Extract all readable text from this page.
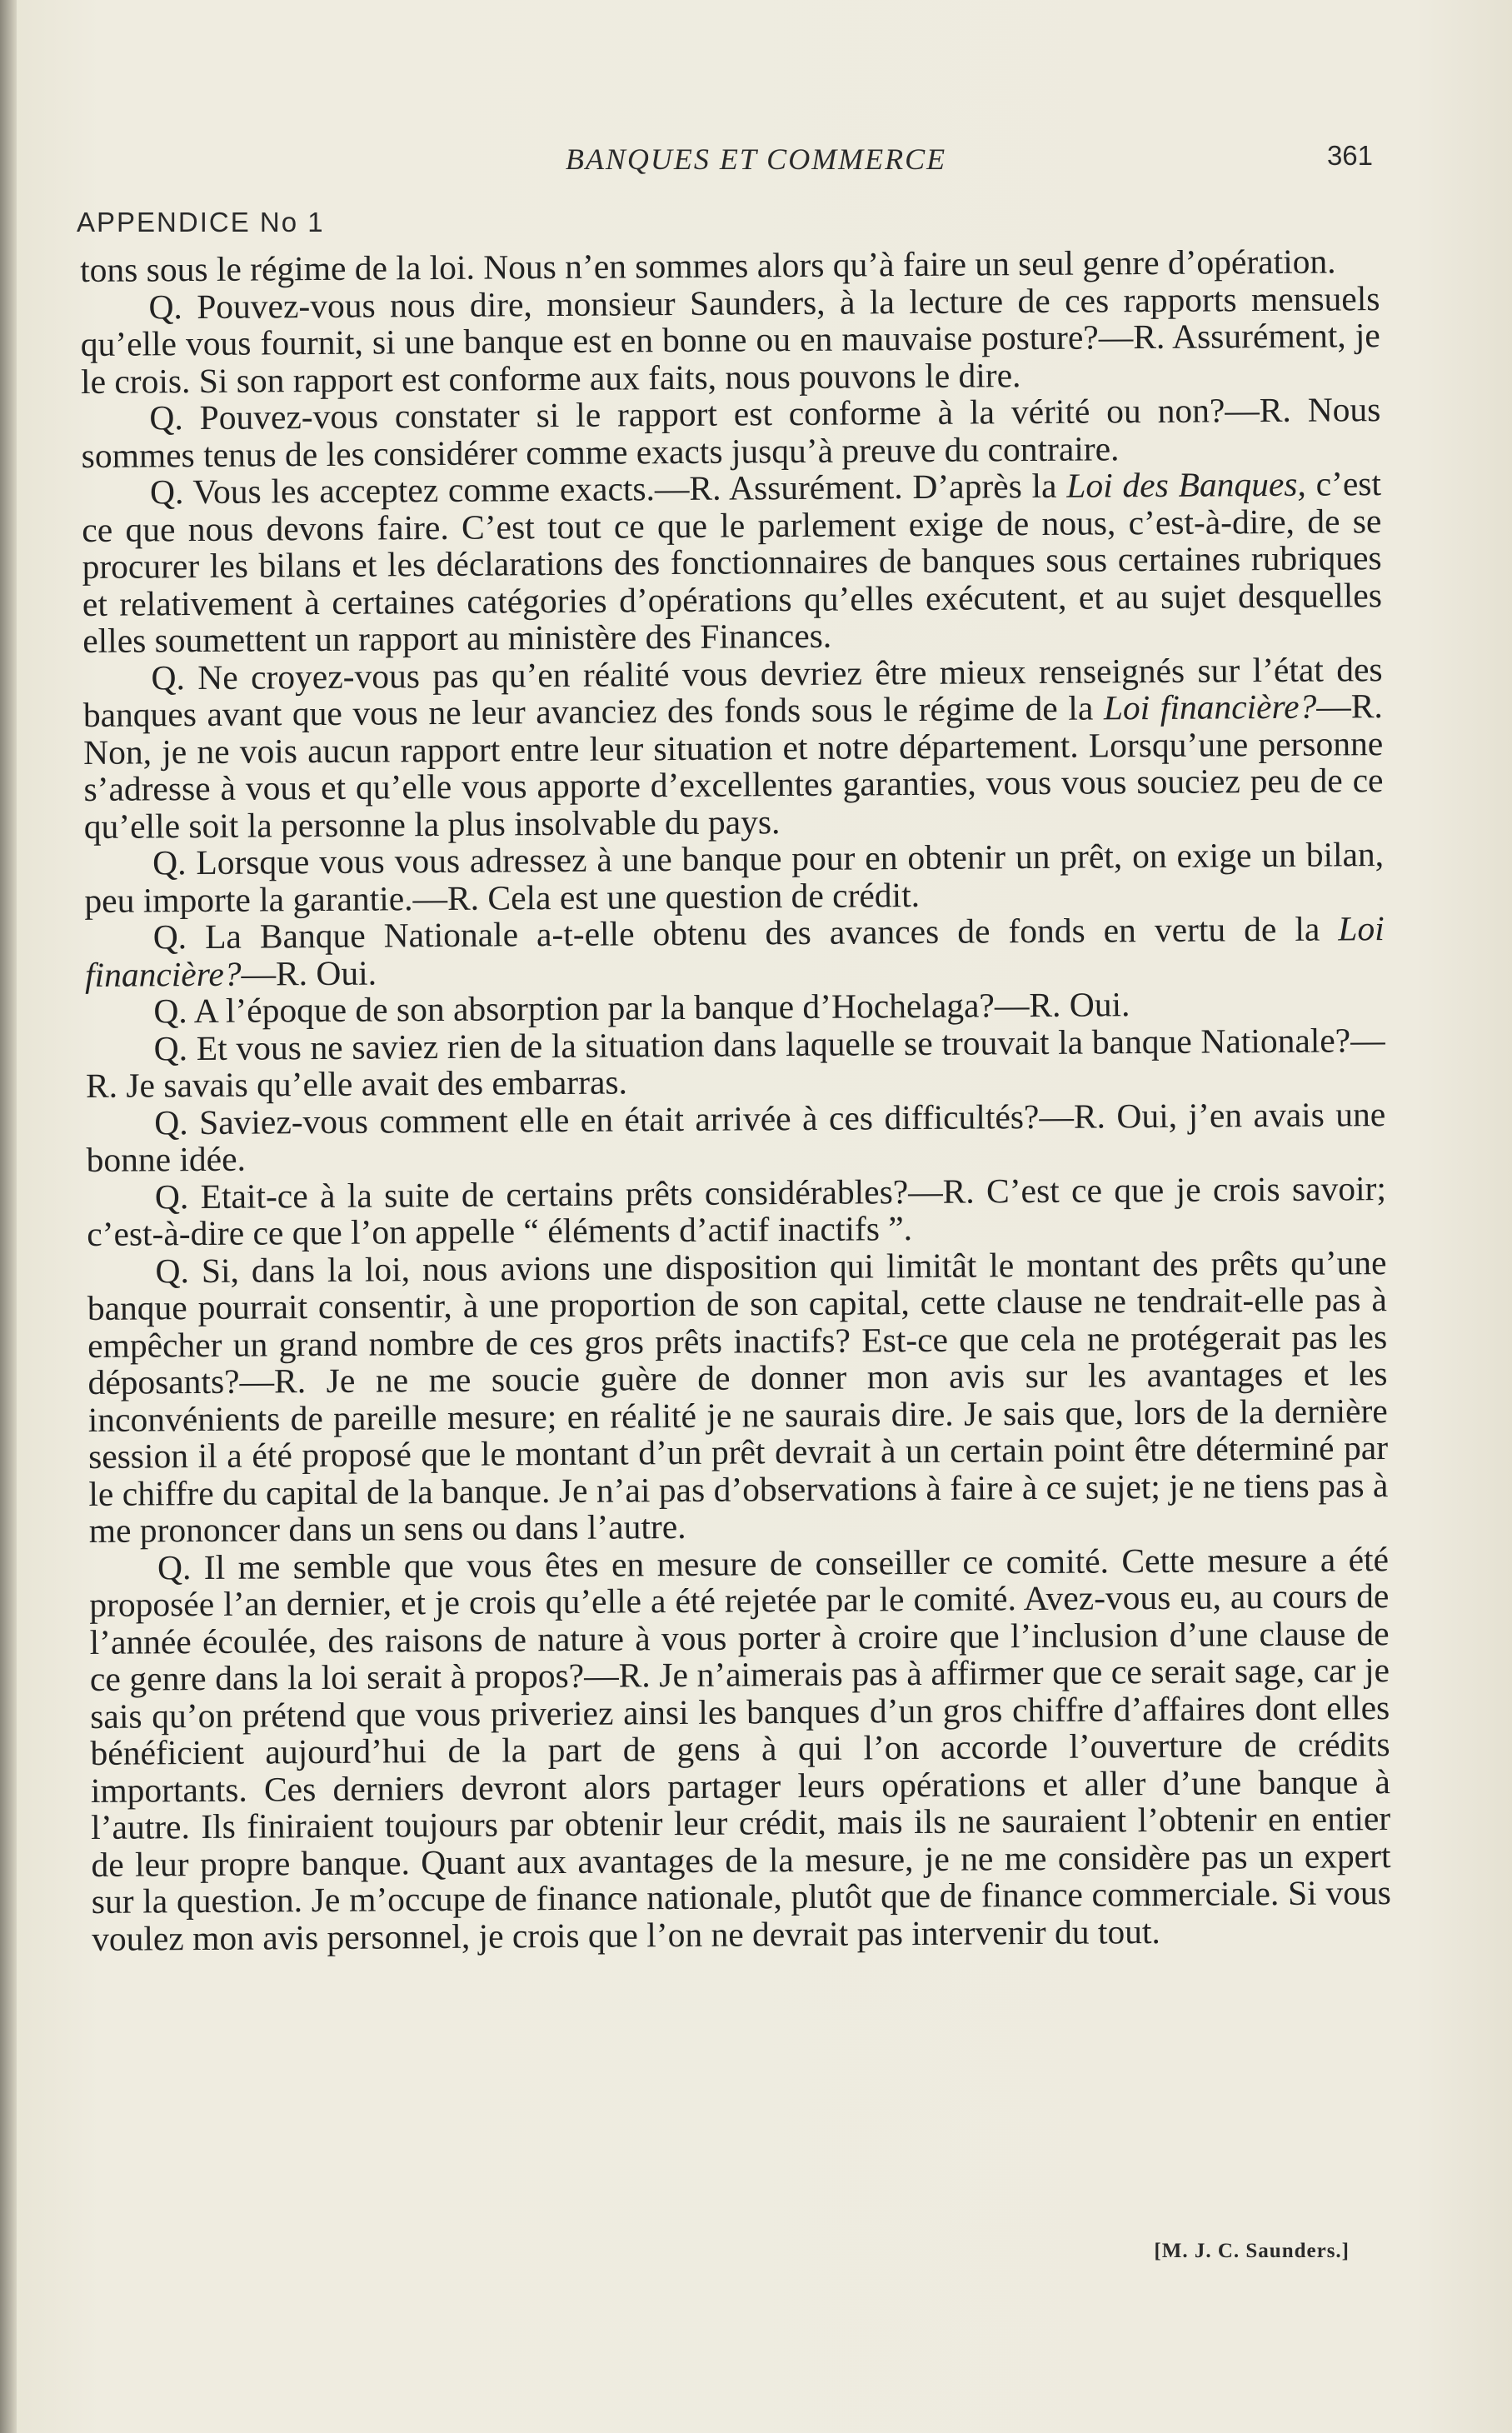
BANQUES ET COMMERCE	361
APPENDICE No 1

tons sous le régime de la loi. Nous n’en sommes alors qu’à faire un seul genre d’opération.

Q. Pouvez-vous nous dire, monsieur Saunders, à la lecture de ces rapports mensuels qu’elle vous fournit, si une banque est en bonne ou en mauvaise posture?—R. Assurément, je le crois. Si son rapport est conforme aux faits, nous pouvons le dire.

Q. Pouvez-vous constater si le rapport est conforme à la vérité ou non?—R. Nous sommes tenus de les considérer comme exacts jusqu’à preuve du contraire.

Q. Vous les acceptez comme exacts.—R. Assurément. D’après la Loi des Banques, c’est ce que nous devons faire. C’est tout ce que le parlement exige de nous, c’est-à-dire, de se procurer les bilans et les déclarations des fonctionnaires de banques sous certaines rubriques et relativement à certaines catégories d’opérations qu’elles exécutent, et au sujet desquelles elles soumettent un rapport au ministère des Finances.

Q. Ne croyez-vous pas qu’en réalité vous devriez être mieux renseignés sur l’état des banques avant que vous ne leur avanciez des fonds sous le régime de la Loi financière?—R. Non, je ne vois aucun rapport entre leur situation et notre département. Lorsqu’une personne s’adresse à vous et qu’elle vous apporte d’excellentes garanties, vous vous souciez peu de ce qu’elle soit la personne la plus insolvable du pays.

Q. Lorsque vous vous adressez à une banque pour en obtenir un prêt, on exige un bilan, peu importe la garantie.—R. Cela est une question de crédit.

Q. La Banque Nationale a-t-elle obtenu des avances de fonds en vertu de la Loi financière?—R. Oui.

Q. A l’époque de son absorption par la banque d’Hochelaga?—R. Oui.

Q. Et vous ne saviez rien de la situation dans laquelle se trouvait la banque Nationale?—R. Je savais qu’elle avait des embarras.

Q. Saviez-vous comment elle en était arrivée à ces difficultés?—R. Oui, j’en avais une bonne idée.

Q. Etait-ce à la suite de certains prêts considérables?—R. C’est ce que je crois savoir; c’est-à-dire ce que l’on appelle “ éléments d’actif inactifs ”.

Q. Si, dans la loi, nous avions une disposition qui limitât le montant des prêts qu’une banque pourrait consentir, à une proportion de son capital, cette clause ne tendrait-elle pas à empêcher un grand nombre de ces gros prêts inactifs? Est-ce que cela ne protégerait pas les déposants?—R. Je ne me soucie guère de donner mon avis sur les avantages et les inconvénients de pareille mesure; en réalité je ne saurais dire. Je sais que, lors de la dernière session il a été proposé que le montant d’un prêt devrait à un certain point être déterminé par le chiffre du capital de la banque. Je n’ai pas d’observations à faire à ce sujet; je ne tiens pas à me prononcer dans un sens ou dans l’autre.

Q. Il me semble que vous êtes en mesure de conseiller ce comité. Cette mesure a été proposée l’an dernier, et je crois qu’elle a été rejetée par le comité. Avez-vous eu, au cours de l’année écoulée, des raisons de nature à vous porter à croire que l’inclusion d’une clause de ce genre dans la loi serait à propos?—R. Je n’aimerais pas à affirmer que ce serait sage, car je sais qu’on prétend que vous priveriez ainsi les banques d’un gros chiffre d’affaires dont elles bénéficient aujourd’hui de la part de gens à qui l’on accorde l’ouverture de crédits importants. Ces derniers devront alors partager leurs opérations et aller d’une banque à l’autre. Ils finiraient toujours par obtenir leur crédit, mais ils ne sauraient l’obtenir en entier de leur propre banque. Quant aux avantages de la mesure, je ne me considère pas un expert sur la question. Je m’occupe de finance nationale, plutôt que de finance commerciale. Si vous voulez mon avis personnel, je crois que l’on ne devrait pas intervenir du tout.

[M. J. C. Saunders.]
